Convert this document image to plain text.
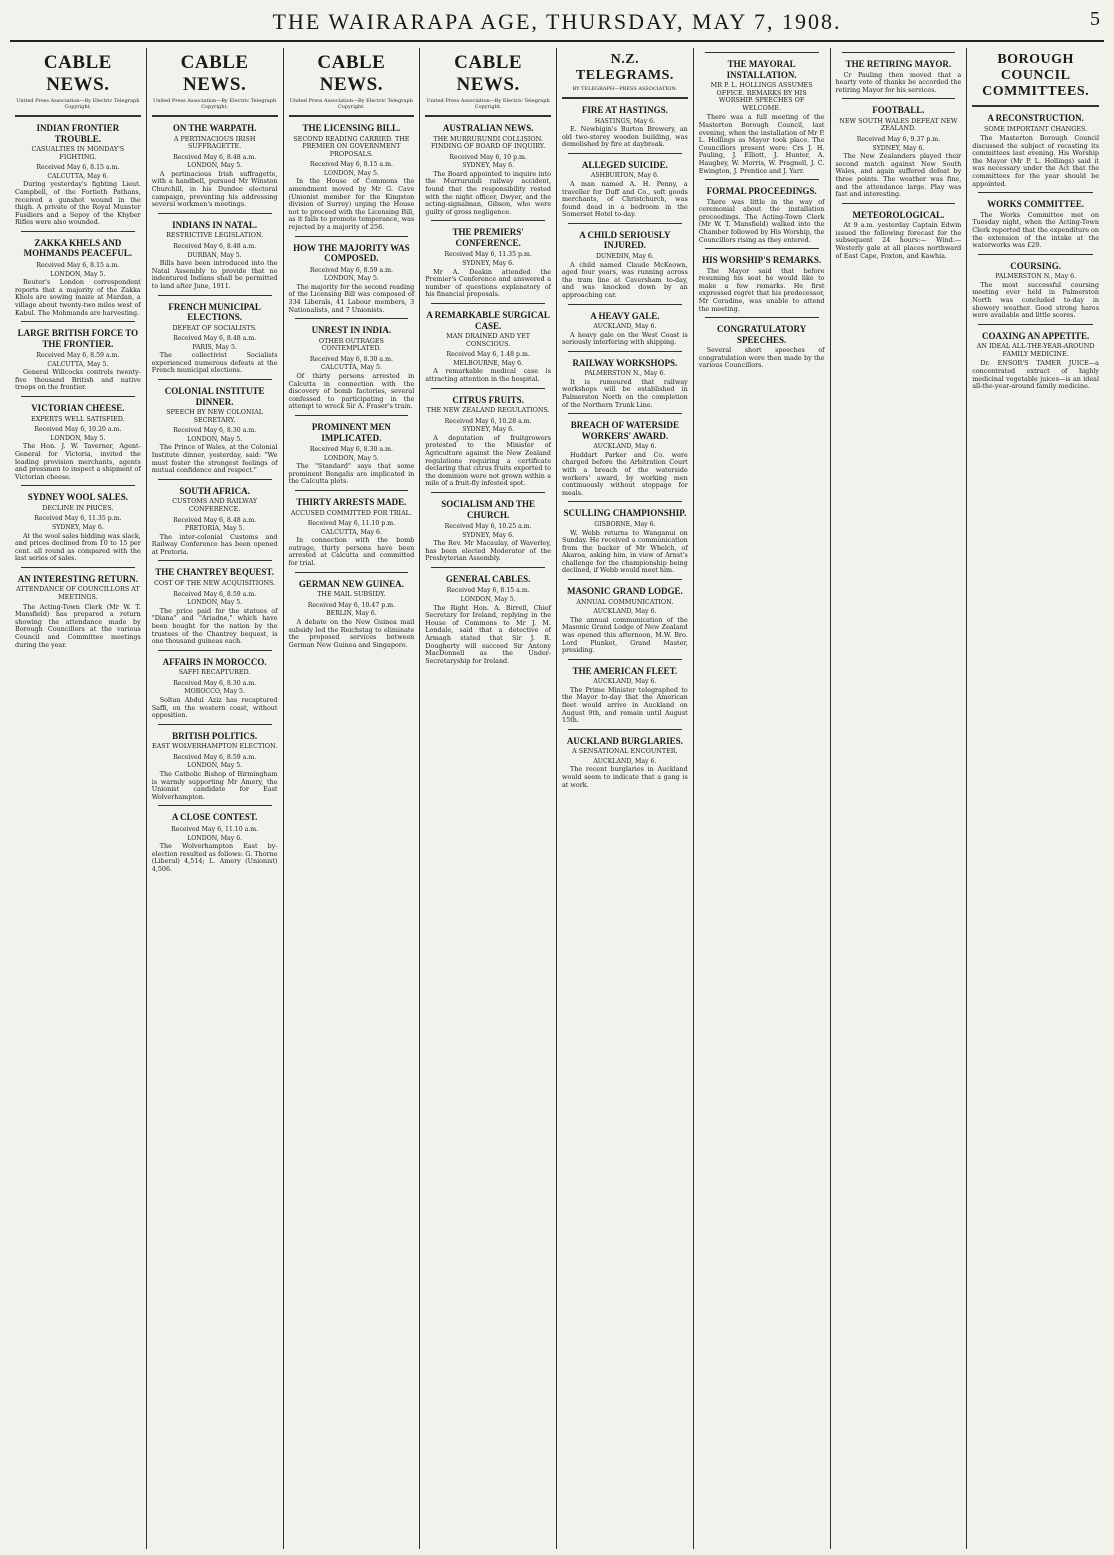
THE WAIRARAPA AGE, THURSDAY, MAY 7, 1908.	5
CABLE NEWS.
United Press Association—By Electric Telegraph Copyright.
INDIAN FRONTIER TROUBLE.
CASUALTIES IN MONDAY'S FIGHTING.
Received May 6, 8.15 a.m.
CALCUTTA, May 6.

During yesterday's fighting Lieut. Campbell, of the Fortieth Pathans, received a gunshot wound in the thigh. A private of the Royal Munster Fusiliers and a Sepoy of the Khyber Rifles were also wounded.

ZAKKA KHELS AND MOHMANDS PEACEFUL.
Received May 6, 8.15 a.m.
LONDON, May 5.

Reuter's London correspondent reports that a majority of the Zakka Khels are sowing maize at Mardan, a village about twenty-two miles west of Kabul. The Mohmands are harvesting.

LARGE BRITISH FORCE TO THE FRONTIER.
Received May 6, 8.59 a.m.
CALCUTTA, May 5.

General Willcocks controls twenty-five thousand British and native troops on the frontier.

VICTORIAN CHEESE.
EXPERTS WELL SATISFIED.
Received May 6, 10.20 a.m.
LONDON, May 5.

The Hon. J. W. Taverner, Agent-General for Victoria, invited the leading provision merchants, agents and pressmen to inspect a shipment of Victorian cheese.

SYDNEY WOOL SALES.
DECLINE IN PRICES.
Received May 6, 11.35 p.m.
SYDNEY, May 6.

At the wool sales bidding was slack, and prices declined from 10 to 15 per cent. all round as compared with the last series of sales.

AN INTERESTING RETURN.
ATTENDANCE OF COUNCILLORS AT MEETINGS.

The Acting-Town Clerk (Mr W. T. Mansfield) has prepared a return showing the attendance made by Borough Councillors at the various Council and Committee meetings during the year.

CABLE NEWS.
United Press Association—By Electric Telegraph Copyright.
ON THE WARPATH.
A PERTINACIOUS IRISH SUFFRAGETTE.
Received May 6, 8.48 a.m.
LONDON, May 5.

A pertinacious Irish suffragette, with a handbell, pursued Mr Winston Churchill, in his Dundee electoral campaign, preventing his addressing several workmen's meetings.

INDIANS IN NATAL.
RESTRICTIVE LEGISLATION.
Received May 6, 8.48 a.m.
DURBAN, May 5.

Bills have been introduced into the Natal Assembly to provide that no indentured Indians shall be permitted to land after June, 1911.

FRENCH MUNICIPAL ELECTIONS.
DEFEAT OF SOCIALISTS.
Received May 6, 8.48 a.m.
PARIS, May 5.

The collectivist Socialists experienced numerous defeats at the French municipal elections.

COLONIAL INSTITUTE DINNER.
SPEECH BY NEW COLONIAL SECRETARY.
Received May 6, 8.30 a.m.
LONDON, May 5.

The Prince of Wales, at the Colonial Institute dinner, yesterday, said: "We must foster the strongest feelings of mutual confidence and respect."

SOUTH AFRICA.
CUSTOMS AND RAILWAY CONFERENCE.
Received May 6, 8.48 a.m.
PRETORIA, May 5.

The inter-colonial Customs and Railway Conference has been opened at Pretoria.

THE CHANTREY BEQUEST.
COST OF THE NEW ACQUISITIONS.
Received May 6, 8.59 a.m.
LONDON, May 5.

The price paid for the statues of "Diana" and "Ariadne," which have been bought for the nation by the trustees of the Chantrey bequest, is one thousand guineas each.

AFFAIRS IN MOROCCO.
SAFFI RECAPTURED.
Received May 6, 8.30 a.m.
MOROCCO, May 5.

Soltan Abdul Aziz has recaptured Saffi, on the western coast, without opposition.

BRITISH POLITICS.
EAST WOLVERHAMPTON ELECTION.
Received May 6, 8.59 a.m.
LONDON, May 5.

The Catholic Bishop of Birmingham is warmly supporting Mr Amery, the Unionist candidate for East Wolverhampton.

A CLOSE CONTEST.
Received May 6, 11.10 a.m.
LONDON, May 6.

The Wolverhampton East by-election resulted as follows: G. Thorne (Liberal) 4,514; L. Amery (Unionist) 4,506.

CABLE NEWS.
United Press Association—By Electric Telegraph Copyright.
THE LICENSING BILL.
SECOND READING CARRIED. THE PREMIER ON GOVERNMENT PROPOSALS.
Received May 6, 8.15 a.m.
LONDON, May 5.

In the House of Commons the amendment moved by Mr G. Cave (Unionist member for the Kingston division of Surrey) urging the House not to proceed with the Licensing Bill, as it fails to promote temperance, was rejected by a majority of 256.

HOW THE MAJORITY WAS COMPOSED.
Received May 6, 8.59 a.m.
LONDON, May 5.

The majority for the second reading of the Licensing Bill was composed of 334 Liberals, 41 Labour members, 3 Nationalists, and 7 Unionists.

UNREST IN INDIA.
OTHER OUTRAGES CONTEMPLATED.
Received May 6, 8.30 a.m.
CALCUTTA, May 5.

Of thirty persons arrested in Calcutta in connection with the discovery of bomb factories, several confessed to participating in the attempt to wreck Sir A. Fraser's train.

PROMINENT MEN IMPLICATED.
Received May 6, 8.30 a.m.
LONDON, May 5.

The "Standard" says that some prominent Bengalis are implicated in the Calcutta plots.

THIRTY ARRESTS MADE.
ACCUSED COMMITTED FOR TRIAL.
Received May 6, 11.10 p.m.
CALCUTTA, May 6.

In connection with the bomb outrage, thirty persons have been arrested at Calcutta and committed for trial.

GERMAN NEW GUINEA.
THE MAIL SUBSIDY.
Received May 6, 10.47 p.m.
BERLIN, May 6.

A debate on the New Guinea mail subsidy led the Reichstag to eliminate the proposed services between German New Guinea and Singapore.

CABLE NEWS.
United Press Association—By Electric Telegraph Copyright.
AUSTRALIAN NEWS.
THE MURRURUNDI COLLISION. FINDING OF BOARD OF INQUIRY.
Received May 6, 10 p.m.
SYDNEY, May 6.

The Board appointed to inquire into the Murrurundi railway accident, found that the responsibility rested with the night officer, Dwyer, and the acting-signalman, Gibson, who were guilty of gross negligence.

THE PREMIERS' CONFERENCE.
Received May 6, 11.35 p.m.
SYDNEY, May 6.

Mr A. Deakin attended the Premier's Conference and answered a number of questions explanatory of his financial proposals.

A REMARKABLE SURGICAL CASE.
MAN DRAINED AND YET CONSCIOUS.
Received May 6, 1.48 p.m.
MELBOURNE, May 6.

A remarkable medical case is attracting attention in the hospital.

CITRUS FRUITS.
THE NEW ZEALAND REGULATIONS.
Received May 6, 10.28 a.m.
SYDNEY, May 6.

A deputation of fruitgrowers protested to the Minister of Agriculture against the New Zealand regulations requiring a certificate declaring that citrus fruits exported to the dominion were not grown within a mile of a fruit-fly infested spot.

SOCIALISM AND THE CHURCH.
Received May 6, 10.25 a.m.
SYDNEY, May 6.

The Rev. Mr Macaulay, of Waverley, has been elected Moderator of the Presbyterian Assembly.

GENERAL CABLES.
Received May 6, 8.15 a.m.
LONDON, May 5.

The Right Hon. A. Birrell, Chief Secretary for Ireland, replying in the House of Commons to Mr J. M. Londale, said that a detective of Armagh stated that Sir J. R. Dougherty will succeed Sir Antony MacDonnell as the Under-Secretaryship for Ireland.

N.Z. TELEGRAMS.
BY TELEGRAPH—PRESS ASSOCIATION.
FIRE AT HASTINGS.
HASTINGS, May 6.

E. Newbigin's Burton Brewery, an old two-storey wooden building, was demolished by fire at daybreak.

ALLEGED SUICIDE.
ASHBURTON, May 6.

A man named A. H. Penny, a traveller for Duff and Co., soft goods merchants, of Christchurch, was found dead in a bedroom in the Somerset Hotel to-day.

A CHILD SERIOUSLY INJURED.
DUNEDIN, May 6.

A child named Claude McKeown, aged four years, was running across the tram line at Caversham to-day, and was knocked down by an approaching car.

A HEAVY GALE.
AUCKLAND, May 6.

A heavy gale on the West Coast is seriously interfering with shipping.

RAILWAY WORKSHOPS.
PALMERSTON N., May 6.

It is rumoured that railway workshops will be established in Palmerston North on the completion of the Northern Trunk Line.

BREACH OF WATERSIDE WORKERS' AWARD.
AUCKLAND, May 6.

Huddart Parker and Co. were charged before the Arbitration Court with a breach of the waterside workers' award, by working men continuously without stoppage for meals.

SCULLING CHAMPIONSHIP.
GISBORNE, May 6.

W. Webb returns to Wanganui on Sunday. He received a communication from the backer of Mr Whelch, of Akaroa, asking him, in view of Arnst's challenge for the championship being declined, if Webb would meet him.

MASONIC GRAND LODGE.
ANNUAL COMMUNICATION.
AUCKLAND, May 6.

The annual communication of the Masonic Grand Lodge of New Zealand was opened this afternoon, M.W. Bro. Lord Plunket, Grand Master, presiding.

THE AMERICAN FLEET.
AUCKLAND, May 6.

The Prime Minister telegraphed to the Mayor to-day that the American fleet would arrive in Auckland on August 9th, and remain until August 15th.

AUCKLAND BURGLARIES.
A SENSATIONAL ENCOUNTER.
AUCKLAND, May 6.

The recent burglaries in Auckland would seem to indicate that a gang is at work.

THE MAYORAL INSTALLATION.
MR P. L. HOLLINGS ASSUMES OFFICE. REMARKS BY HIS WORSHIP. SPEECHES OF WELCOME.

There was a full meeting of the Masterton Borough Council, last evening, when the installation of Mr P. L. Hollings as Mayor took place. The Councillors present were: Crs J. H. Pauling, J. Elliott, J. Hunter, A. Haughey, W. Morris, W. Pragnell, J. C. Ewington, J. Prentice and J. Yarr.

FORMAL PROCEEDINGS.

There was little in the way of ceremonial about the installation proceedings. The Acting-Town Clerk (Mr W. T. Mansfield) walked into the Chamber followed by His Worship, the Councillors rising as they entered.

HIS WORSHIP'S REMARKS.

The Mayor said that before resuming his seat he would like to make a few remarks. He first expressed regret that his predecessor, Mr Coradine, was unable to attend the meeting.

CONGRATULATORY SPEECHES.

Several short speeches of congratulation were then made by the various Councillors.

THE RETIRING MAYOR.

Cr Pauling then moved that a hearty vote of thanks be accorded the retiring Mayor for his services.

FOOTBALL.
NEW SOUTH WALES DEFEAT NEW ZEALAND.
Received May 6, 9.37 p.m.
SYDNEY, May 6.

The New Zealanders played their second match against New South Wales, and again suffered defeat by three points. The weather was fine, and the attendance large. Play was fast and interesting.

METEOROLOGICAL.

At 9 a.m. yesterday Captain Edwin issued the following forecast for the subsequent 24 hours:— Wind.—Westerly gale at all places northward of East Cape, Foxton, and Kawhia.

BOROUGH COUNCIL COMMITTEES.
A RECONSTRUCTION.
SOME IMPORTANT CHANGES.

The Masterton Borough Council discussed the subject of recasting its committees last evening. His Worship the Mayor (Mr P. L. Hollings) said it was necessary under the Act that the committees for the year should be appointed.

WORKS COMMITTEE.

The Works Committee met on Tuesday night, when the Acting-Town Clerk reported that the expenditure on the extension of the intake at the waterworks was £29.

COURSING.
PALMERSTON N., May 6.

The most successful coursing meeting ever held in Palmerston North was concluded to-day in showery weather. Good strong hares were available and little scores.

COAXING AN APPETITE.
AN IDEAL ALL-THE-YEAR-AROUND FAMILY MEDICINE.

Dr. ENSOR'S TAMER JUICE—a concentrated extract of highly medicinal vegetable juices—is an ideal all-the-year-around family medicine.
